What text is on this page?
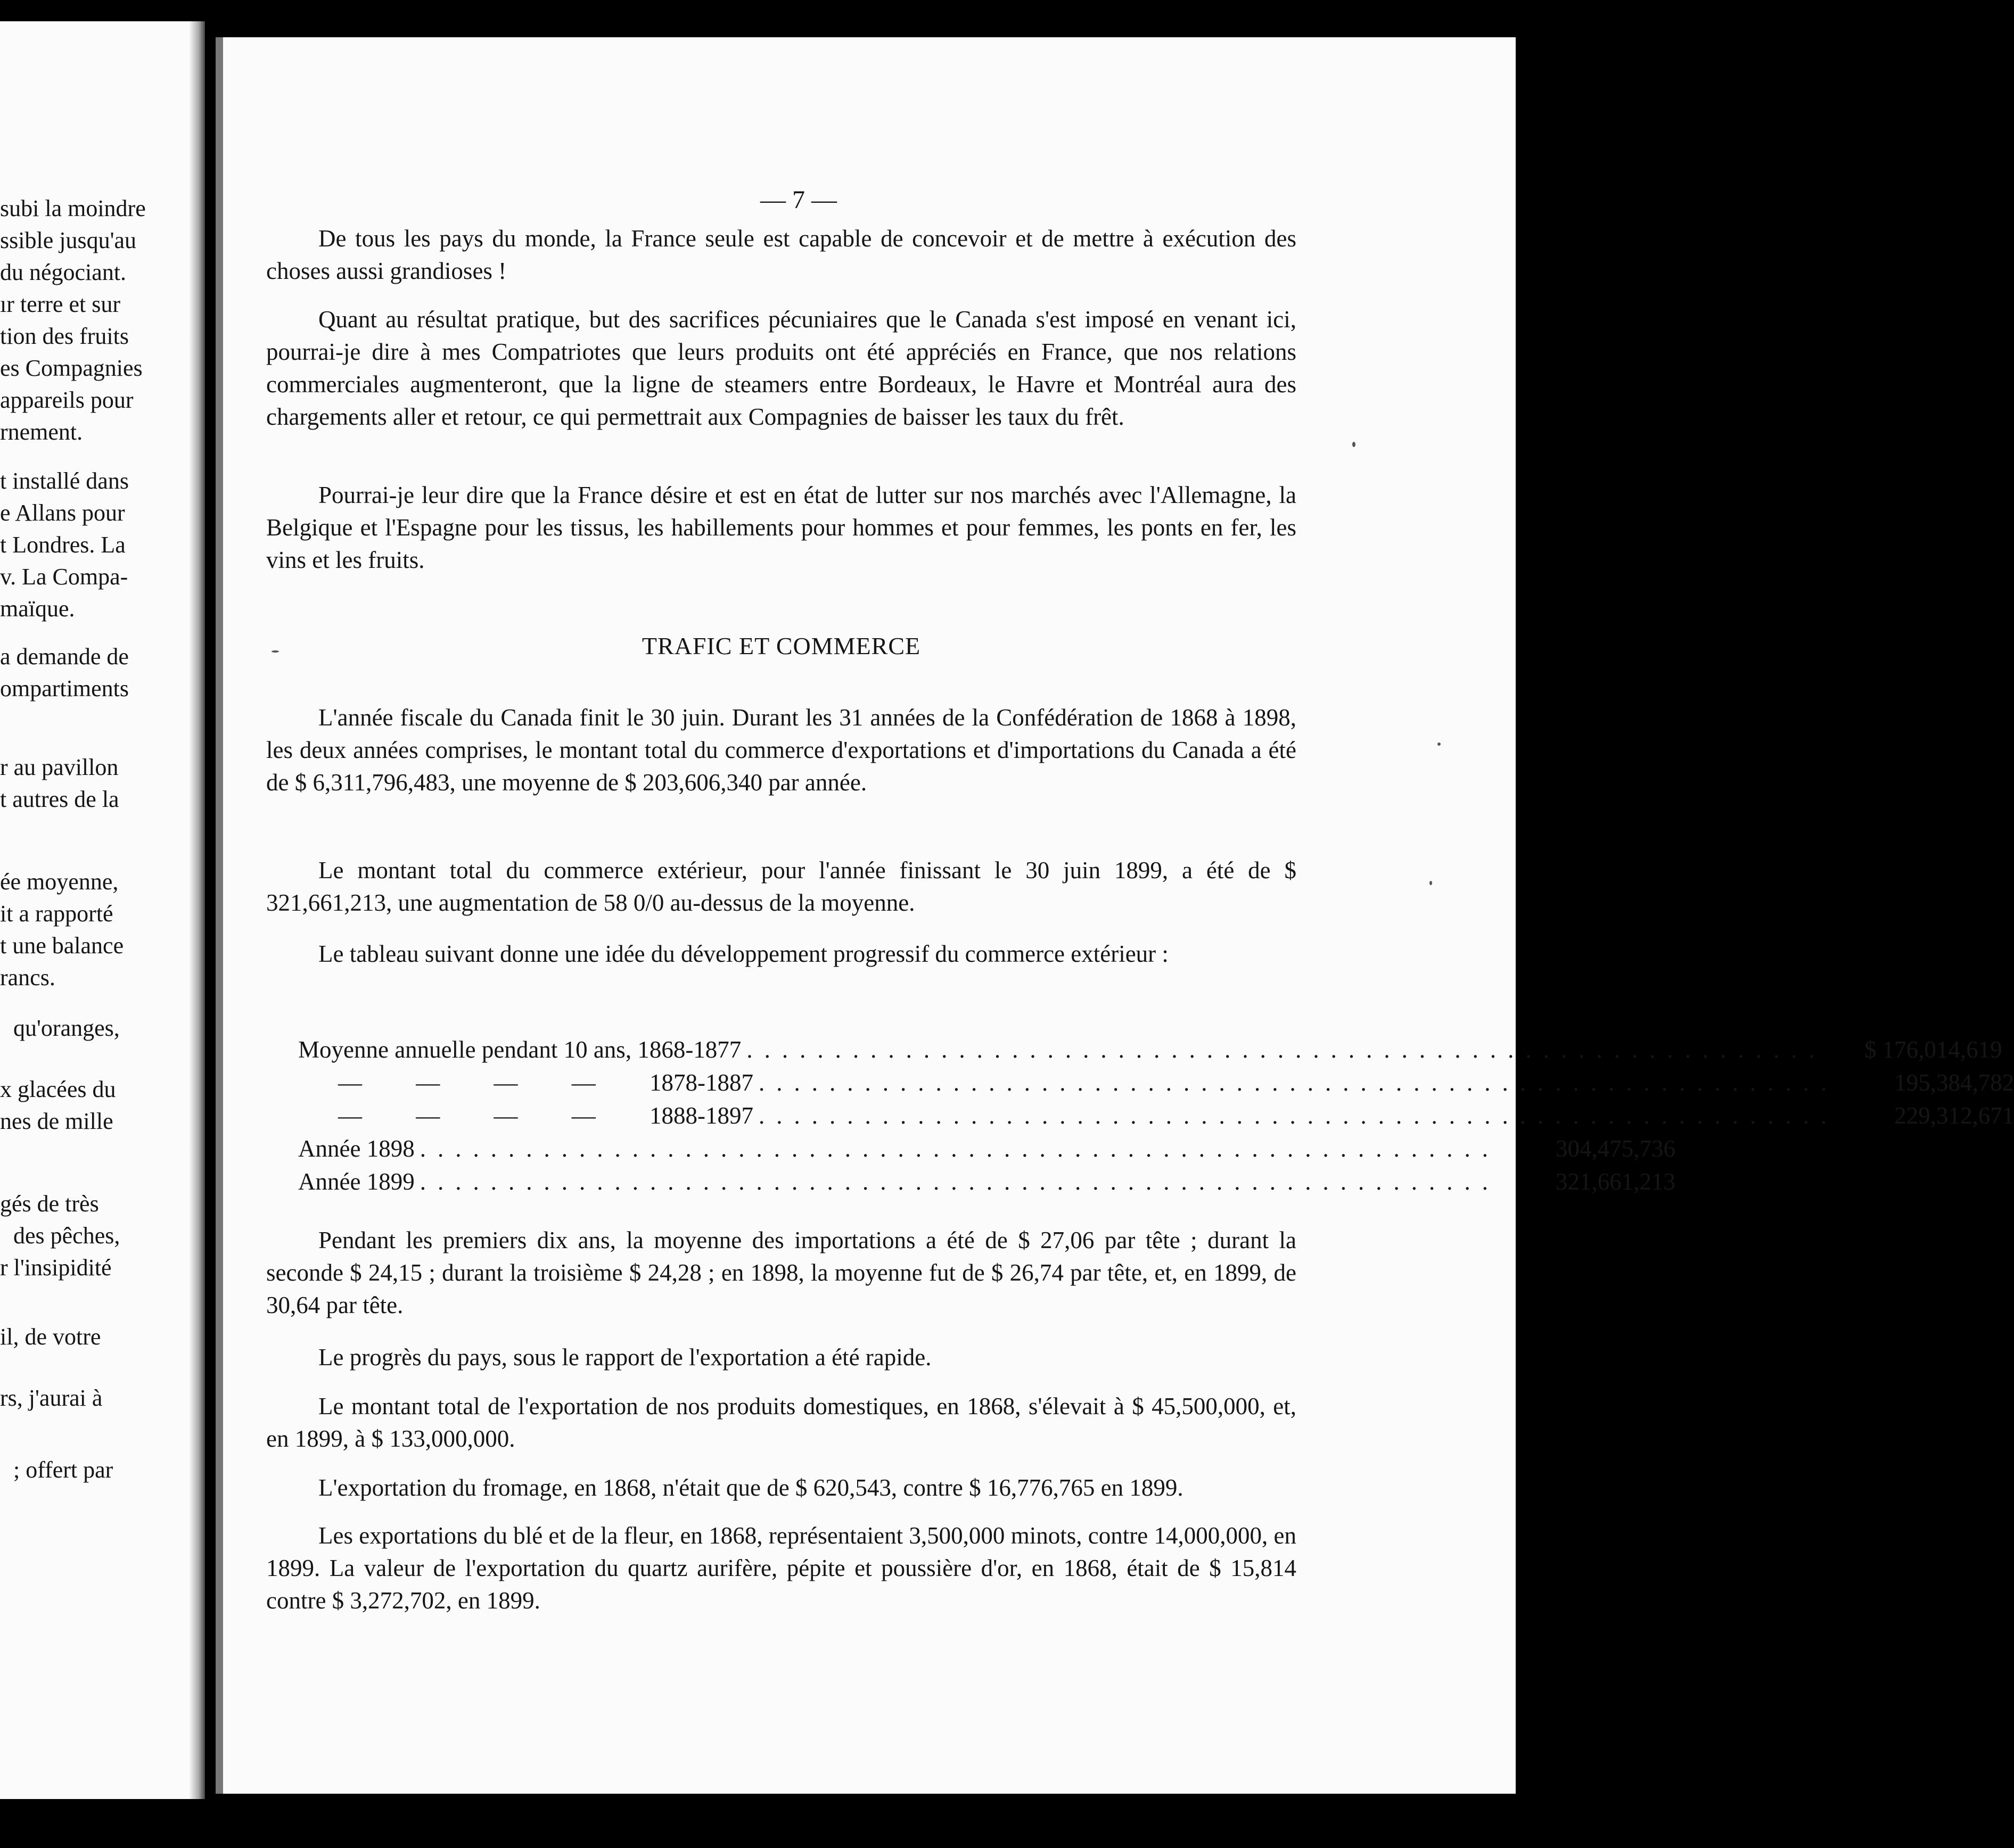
subi la moindre
ssible jusqu'au
du négociant.
ır terre et sur
tion des fruits
es Compagnies
appareils pour
rnement.
t installé dans
e Allans pour
t Londres. La
v. La Compa-
maïque.
a demande de
ompartiments
r au pavillon
t autres de la
ée moyenne,
it a rapporté
t une balance
rancs.
qu'oranges,
x glacées du
nes de mille
gés de très
des pêches,
r l'insipidité
il, de votre
rs, j'aurai à
; offert par
— 7 —

De tous les pays du monde, la France seule est capable de concevoir et de mettre à exécution des choses aussi grandioses !

Quant au résultat pratique, but des sacrifices pécuniaires que le Canada s'est imposé en venant ici, pourrai-je dire à mes Compatriotes que leurs produits ont été appréciés en France, que nos relations commerciales augmenteront, que la ligne de steamers entre Bordeaux, le Havre et Montréal aura des chargements aller et retour, ce qui permettrait aux Compagnies de baisser les taux du frêt.

Pourrai-je leur dire que la France désire et est en état de lutter sur nos marchés avec l'Allemagne, la Belgique et l'Espagne pour les tissus, les habillements pour hommes et pour femmes, les ponts en fer, les vins et les fruits.

TRAFIC ET COMMERCE

L'année fiscale du Canada finit le 30 juin. Durant les 31 années de la Confédération de 1868 à 1898, les deux années comprises, le montant total du commerce d'exportations et d'importations du Canada a été de $ 6,311,796,483, une moyenne de $ 203,606,340 par année.

Le montant total du commerce extérieur, pour l'année finissant le 30 juin 1899, a été de $ 321,661,213, une augmentation de 58 0/0 au-dessus de la moyenne.

Le tableau suivant donne une idée du développement progressif du commerce extérieur :

Moyenne annuelle pendant 10 ans, 1868-1877 .............................................................	$ 176,014,619
— — — — 1878-1887 .............................................................	195,384,782
— — — — 1888-1897 .............................................................	229,312,671
Année 1898 .............................................................	304,475,736
Année 1899 .............................................................	321,661,213

Pendant les premiers dix ans, la moyenne des importations a été de $ 27,06 par tête ; durant la seconde $ 24,15 ; durant la troisième $ 24,28 ; en 1898, la moyenne fut de $ 26,74 par tête, et, en 1899, de 30,64 par tête.

Le progrès du pays, sous le rapport de l'exportation a été rapide.

Le montant total de l'exportation de nos produits domestiques, en 1868, s'élevait à $ 45,500,000, et, en 1899, à $ 133,000,000.

L'exportation du fromage, en 1868, n'était que de $ 620,543, contre $ 16,776,765 en 1899.

Les exportations du blé et de la fleur, en 1868, représentaient 3,500,000 minots, contre 14,000,000, en 1899. La valeur de l'exportation du quartz aurifère, pépite et poussière d'or, en 1868, était de $ 15,814 contre $ 3,272,702, en 1899.
